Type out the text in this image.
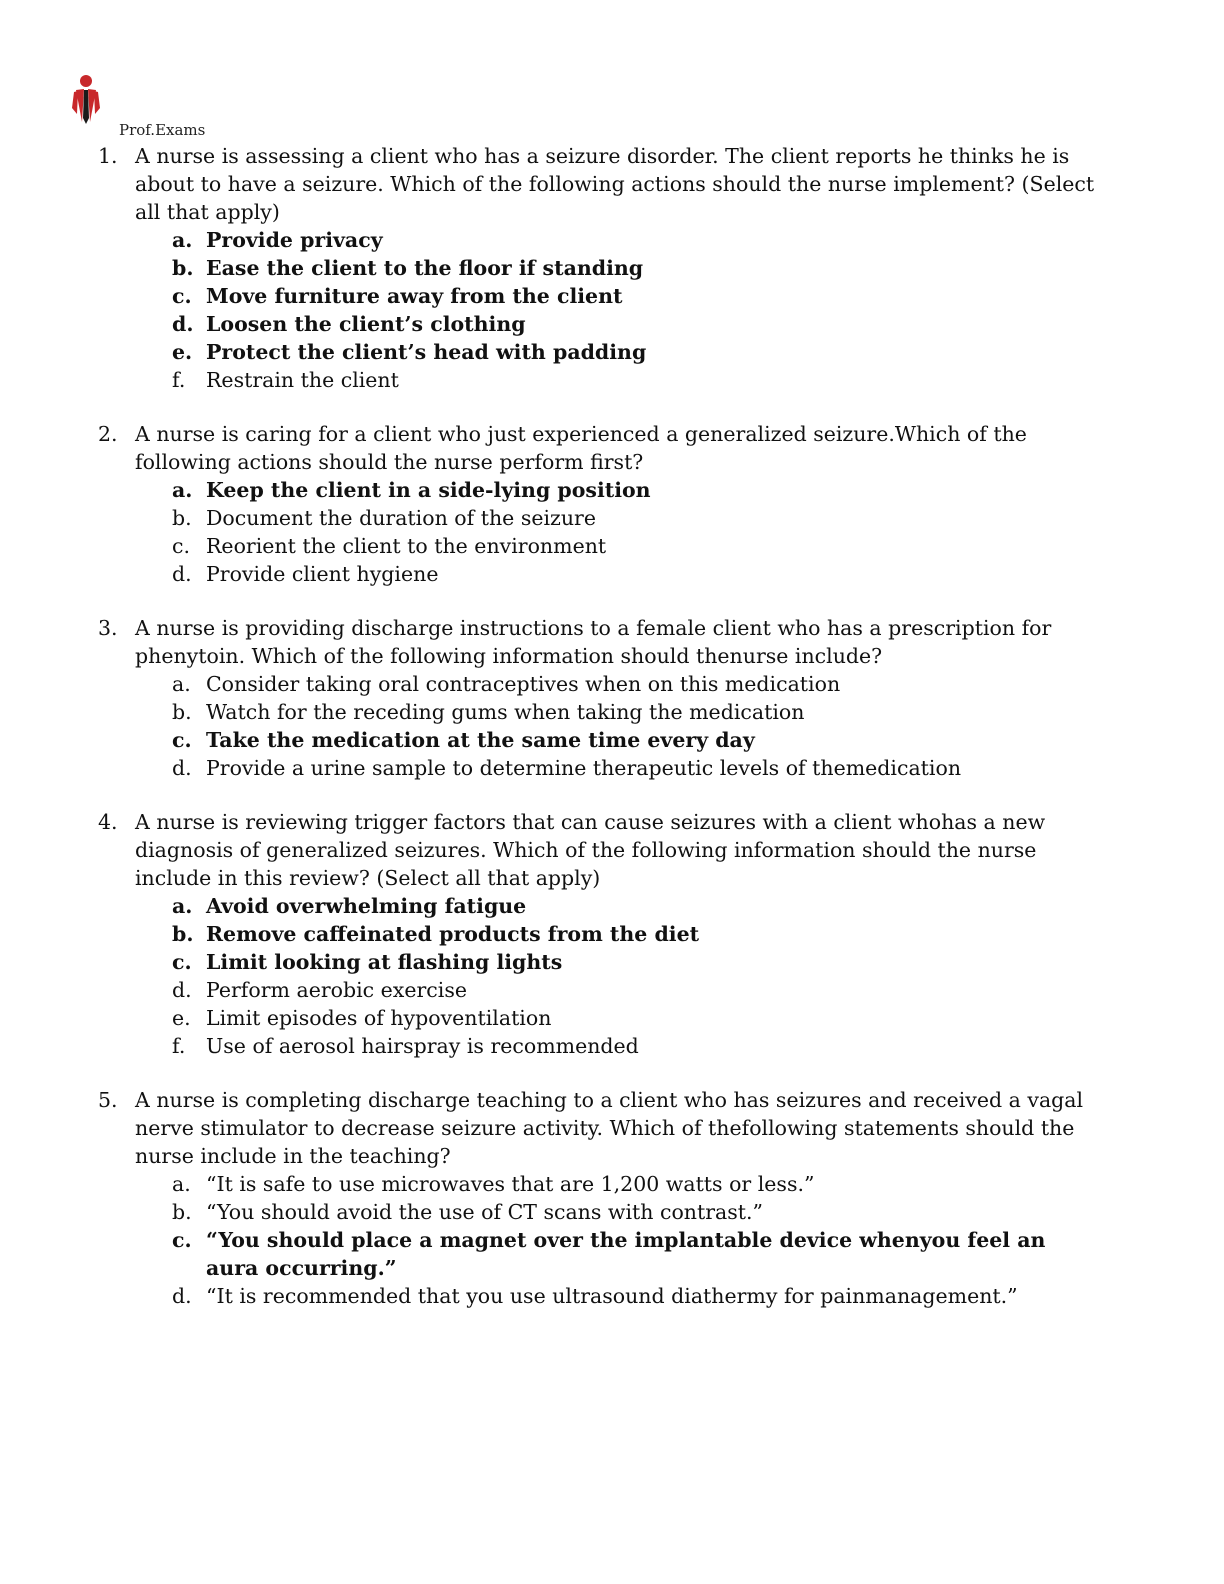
Prof.Exams
1. A nurse is assessing a client who has a seizure disorder. The client reports he thinks he is about to have a seizure. Which of the following actions should the nurse implement? (Select all that apply)
a. Provide privacy
b. Ease the client to the floor if standing
c. Move furniture away from the client
d. Loosen the client’s clothing
e. Protect the client’s head with padding
f.	Restrain the client
2. A nurse is caring for a client who just experienced a generalized seizure.Which of the following actions should the nurse perform first?
a. Keep the client in a side‐lying position
b. Document the duration of the seizure
c. Reorient the client to the environment
d. Provide client hygiene
3. A nurse is providing discharge instructions to a female client who has a prescription for phenytoin. Which of the following information should thenurse include?
a. Consider taking oral contraceptives when on this medication
b. Watch for the receding gums when taking the medication
c. Take the medication at the same time every day
d. Provide a urine sample to determine therapeutic levels of themedication
4. A nurse is reviewing trigger factors that can cause seizures with a client whohas a new diagnosis of generalized seizures. Which of the following information should the nurse include in this review? (Select all that apply)
a. Avoid overwhelming fatigue
b. Remove caffeinated products from the diet
c. Limit looking at flashing lights
d. Perform aerobic exercise
e. Limit episodes of hypoventilation
f.	Use of aerosol hairspray is recommended
5. A nurse is completing discharge teaching to a client who has seizures and received a vagal nerve stimulator to decrease seizure activity. Which of thefollowing statements should the nurse include in the teaching?
a. “It is safe to use microwaves that are 1,200 watts or less.”
b. “You should avoid the use of CT scans with contrast.”
c. “You should place a magnet over the implantable device whenyou feel an aura occurring.”
d. “It is recommended that you use ultrasound diathermy for painmanagement.”
